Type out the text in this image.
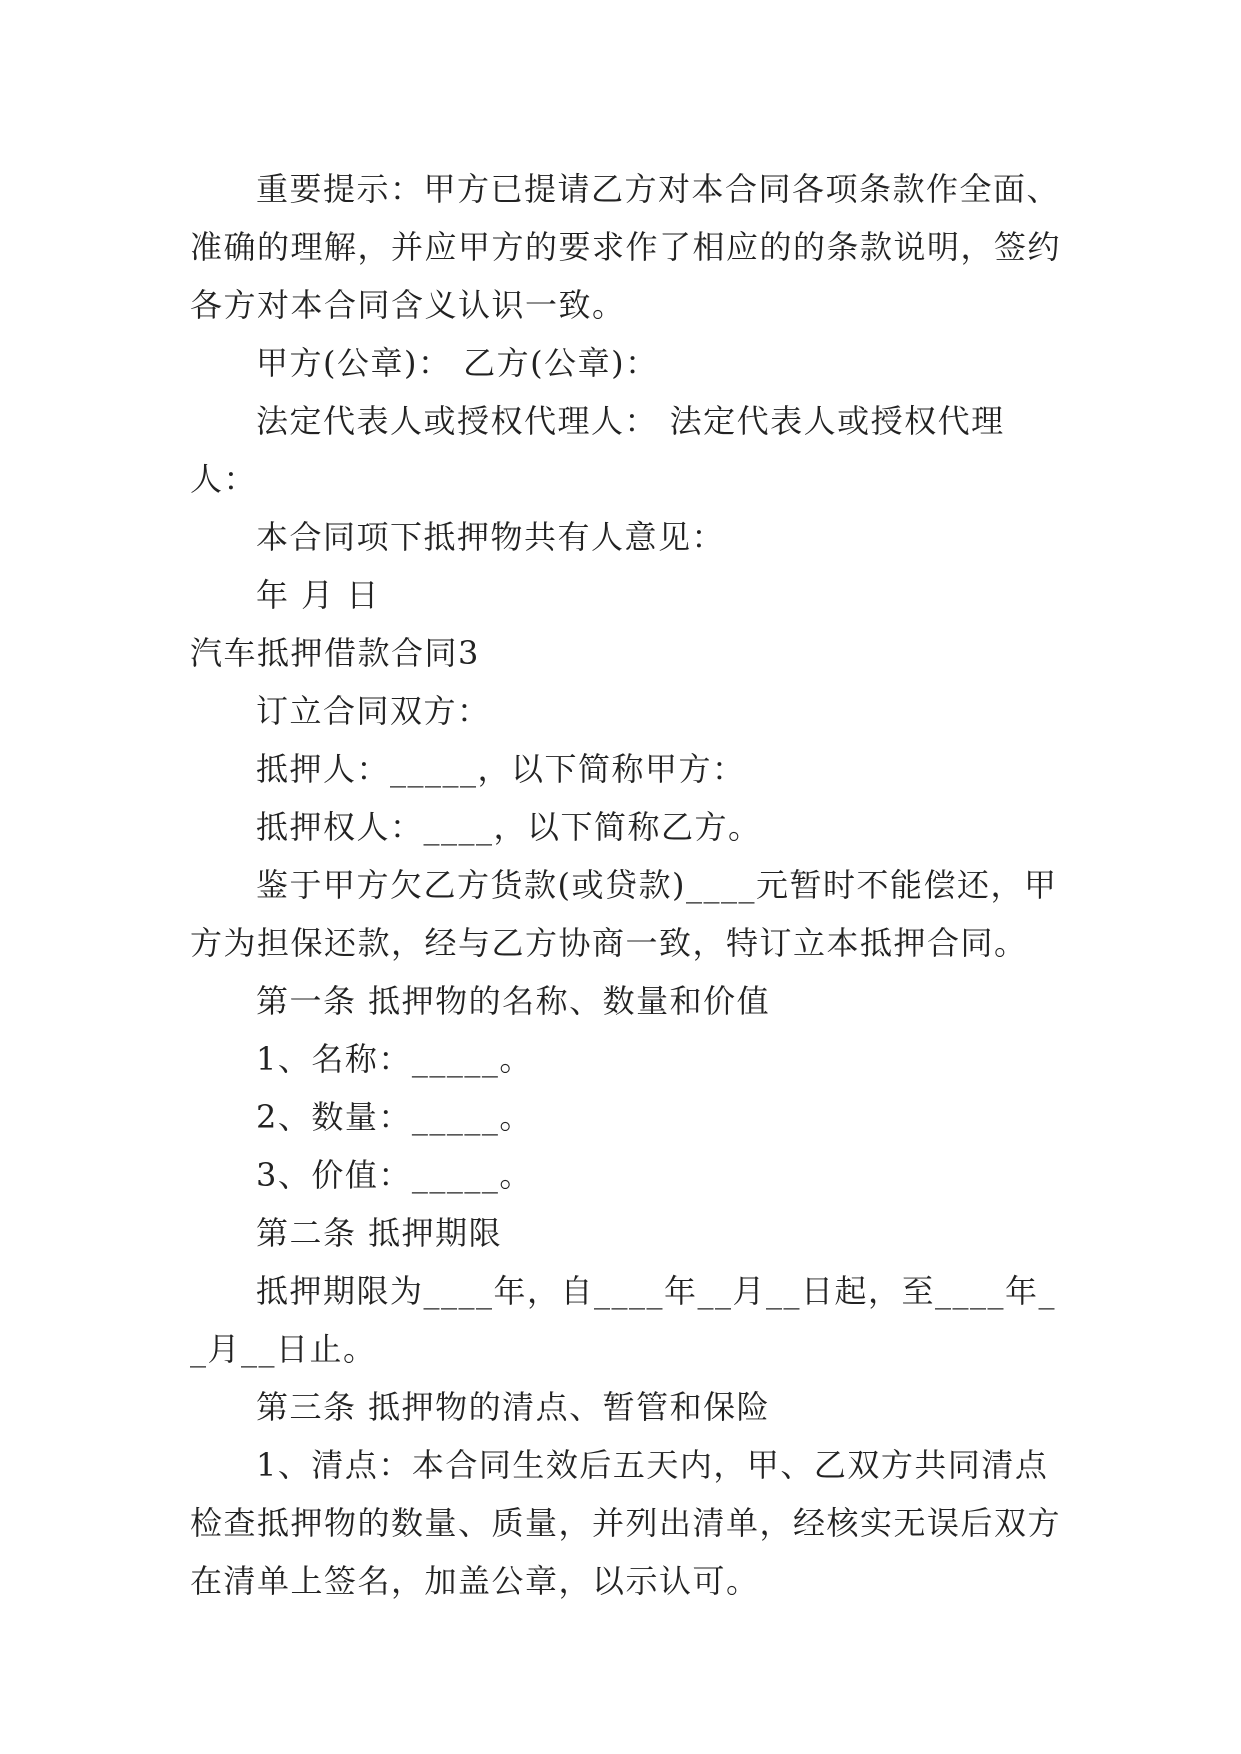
重要提示：甲方已提请乙方对本合同各项条款作全面、准确的理解，并应甲方的要求作了相应的的条款说明，签约各方对本合同含义认识一致。

甲方(公章)： 乙方(公章)：

法定代表人或授权代理人： 法定代表人或授权代理人：

本合同项下抵押物共有人意见：

年 月 日

汽车抵押借款合同3

订立合同双方：

抵押人：_____，以下简称甲方：

抵押权人：____，以下简称乙方。

鉴于甲方欠乙方货款(或贷款)____元暂时不能偿还，甲方为担保还款，经与乙方协商一致，特订立本抵押合同。

第一条 抵押物的名称、数量和价值

1、名称：_____。

2、数量：_____。

3、价值：_____。

第二条 抵押期限

抵押期限为____年，自____年__月__日起，至____年__月__日止。

第三条 抵押物的清点、暂管和保险

1、清点：本合同生效后五天内，甲、乙双方共同清点检查抵押物的数量、质量，并列出清单，经核实无误后双方在清单上签名，加盖公章，以示认可。
